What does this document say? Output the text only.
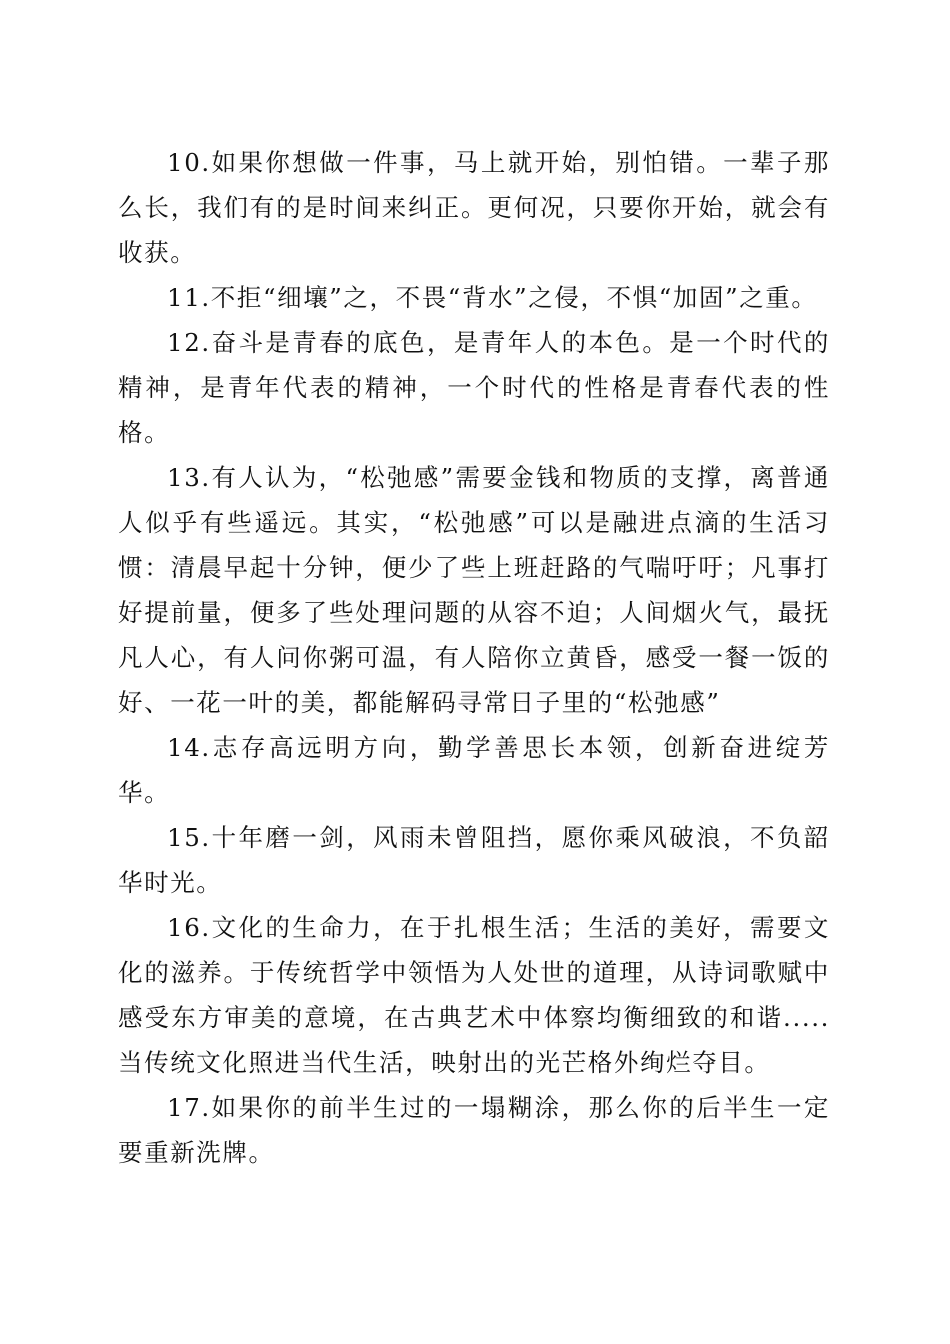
10.如果你想做一件事，马上就开始，别怕错。一辈子那么长，我们有的是时间来纠正。更何况，只要你开始，就会有收获。

11.不拒“细壤”之，不畏“背水”之侵，不惧“加固”之重。

12.奋斗是青春的底色，是青年人的本色。是一个时代的精神，是青年代表的精神，一个时代的性格是青春代表的性格。

13.有人认为，“松弛感”需要金钱和物质的支撑，离普通人似乎有些遥远。其实，“松弛感”可以是融进点滴的生活习惯：清晨早起十分钟，便少了些上班赶路的气喘吁吁；凡事打好提前量，便多了些处理问题的从容不迫；人间烟火气，最抚凡人心，有人问你粥可温，有人陪你立黄昏，感受一餐一饭的好、一花一叶的美，都能解码寻常日子里的“松弛感”

14.志存高远明方向，勤学善思长本领，创新奋进绽芳华。

15.十年磨一剑，风雨未曾阻挡，愿你乘风破浪，不负韶华时光。

16.文化的生命力，在于扎根生活；生活的美好，需要文化的滋养。于传统哲学中领悟为人处世的道理，从诗词歌赋中感受东方审美的意境，在古典艺术中体察均衡细致的和谐.....当传统文化照进当代生活，映射出的光芒格外绚烂夺目。

17.如果你的前半生过的一塌糊涂，那么你的后半生一定要重新洗牌。
